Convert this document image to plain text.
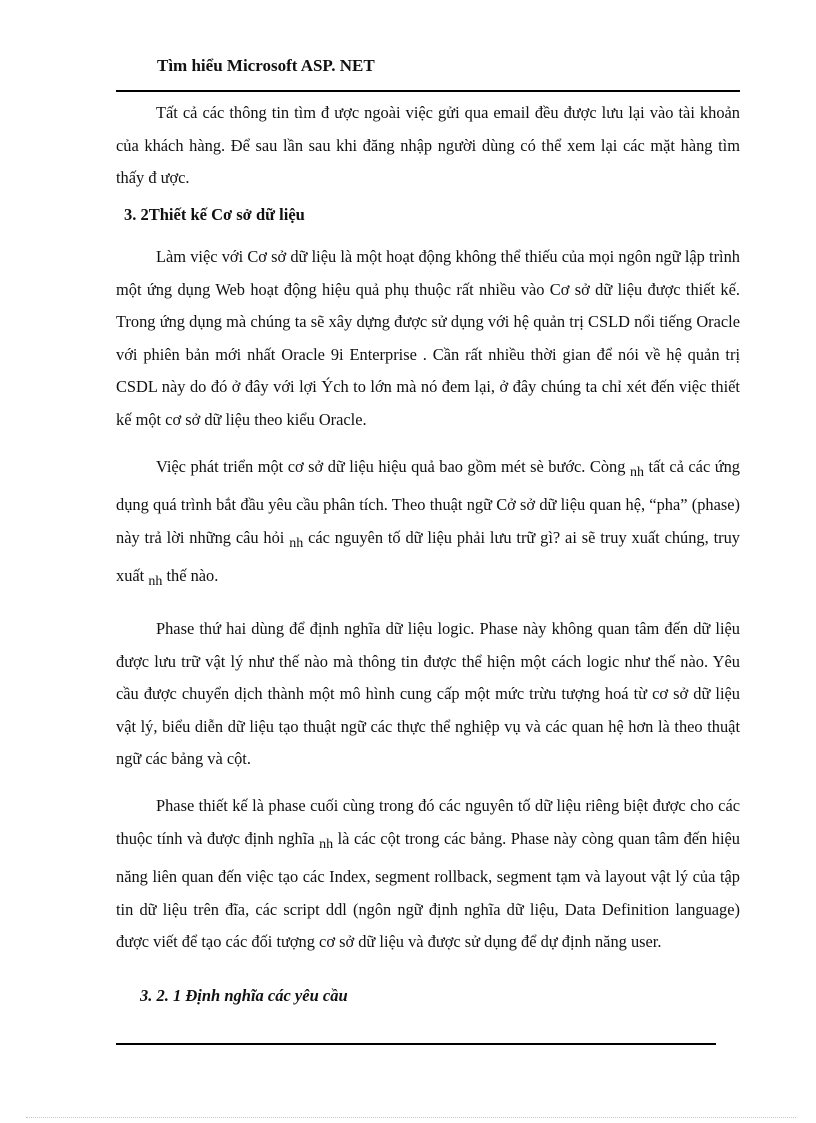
Tìm hiểu Microsoft ASP. NET

Tất cả các thông tin tìm đ ược ngoài việc gửi qua email đều được lưu lại vào tài khoản của khách hàng. Để sau lần sau khi đăng nhập người dùng có thể xem lại các mặt hàng tìm thấy đ ược.

3. 2Thiết kế Cơ sở dữ liệu

Làm việc với Cơ sở dữ liệu là một hoạt động không thể thiếu của mọi ngôn ngữ lập trình một ứng dụng Web hoạt động hiệu quả phụ thuộc rất nhiều vào Cơ sở dữ liệu được thiết kế. Trong ứng dụng mà chúng ta sẽ xây dựng được sử dụng với hệ quản trị CSLD nổi tiếng Oracle với phiên bản mới nhất Oracle 9i Enterprise . Cần rất nhiều thời gian để nói về hệ quản trị CSDL này do đó ở đây với lợi Ých to lớn mà nó đem lại, ở đây chúng ta chỉ xét đến việc thiết kế một cơ sở dữ liệu theo kiểu Oracle.

Việc phát triển một cơ sở dữ liệu hiệu quả bao gồm mét sè bước. Còng nh tất cả các ứng dụng quá trình bắt đầu yêu cầu phân tích. Theo thuật ngữ Cở sở dữ liệu quan hệ, “pha” (phase) này trả lời những câu hỏi nh các nguyên tố dữ liệu phải lưu trữ gì? ai sẽ truy xuất chúng, truy xuất nh thế nào.

Phase thứ hai dùng để định nghĩa dữ liệu logic. Phase này không quan tâm đến dữ liệu được lưu trữ vật lý như thế nào mà thông tin được thể hiện một cách logic như thế nào. Yêu cầu được chuyển dịch thành một mô hình cung cấp một mức trừu tượng hoá từ cơ sở dữ liệu vật lý, biểu diễn dữ liệu tạo thuật ngữ các thực thể nghiệp vụ và các quan hệ hơn là theo thuật ngữ các bảng và cột.

Phase thiết kế là phase cuối cùng trong đó các nguyên tố dữ liệu riêng biệt được cho các thuộc tính và được định nghĩa nh là các cột trong các bảng. Phase này còng quan tâm đến hiệu năng liên quan đến việc tạo các Index, segment rollback, segment tạm và layout vật lý của tập tin dữ liệu trên đĩa, các script ddl (ngôn ngữ định nghĩa dữ liệu, Data Definition language) được viết để tạo các đối tượng cơ sở dữ liệu và được sử dụng để dự định năng user.

3. 2. 1 Định nghĩa các yêu cầu
